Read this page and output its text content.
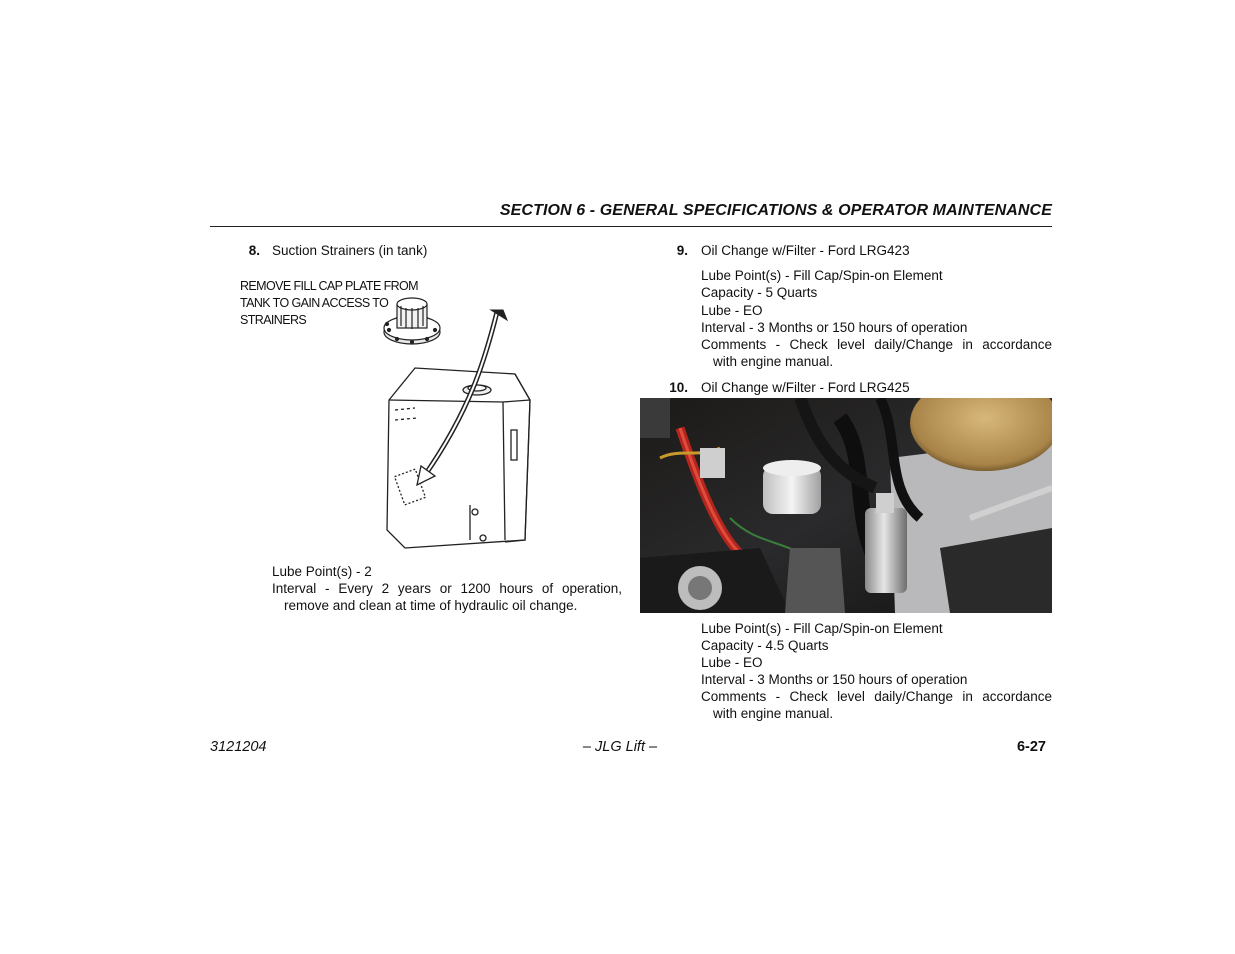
SECTION 6 - GENERAL SPECIFICATIONS & OPERATOR MAINTENANCE
8. Suction Strainers (in tank)
REMOVE FILL CAP PLATE FROM
TANK TO GAIN ACCESS TO
STRAINERS
Lube Point(s) - 2
Interval - Every 2 years or 1200 hours of operation,
remove and clean at time of hydraulic oil change.
9. Oil Change w/Filter - Ford LRG423
Lube Point(s) - Fill Cap/Spin-on Element
Capacity - 5 Quarts
Lube - EO
Interval - 3 Months or 150 hours of operation
Comments - Check level daily/Change in accordance
with engine manual.
10. Oil Change w/Filter - Ford LRG425
Lube Point(s) - Fill Cap/Spin-on Element
Capacity - 4.5 Quarts
Lube - EO
Interval - 3 Months or 150 hours of operation
Comments - Check level daily/Change in accordance
with engine manual.
3121204	– JLG Lift –	6-27
